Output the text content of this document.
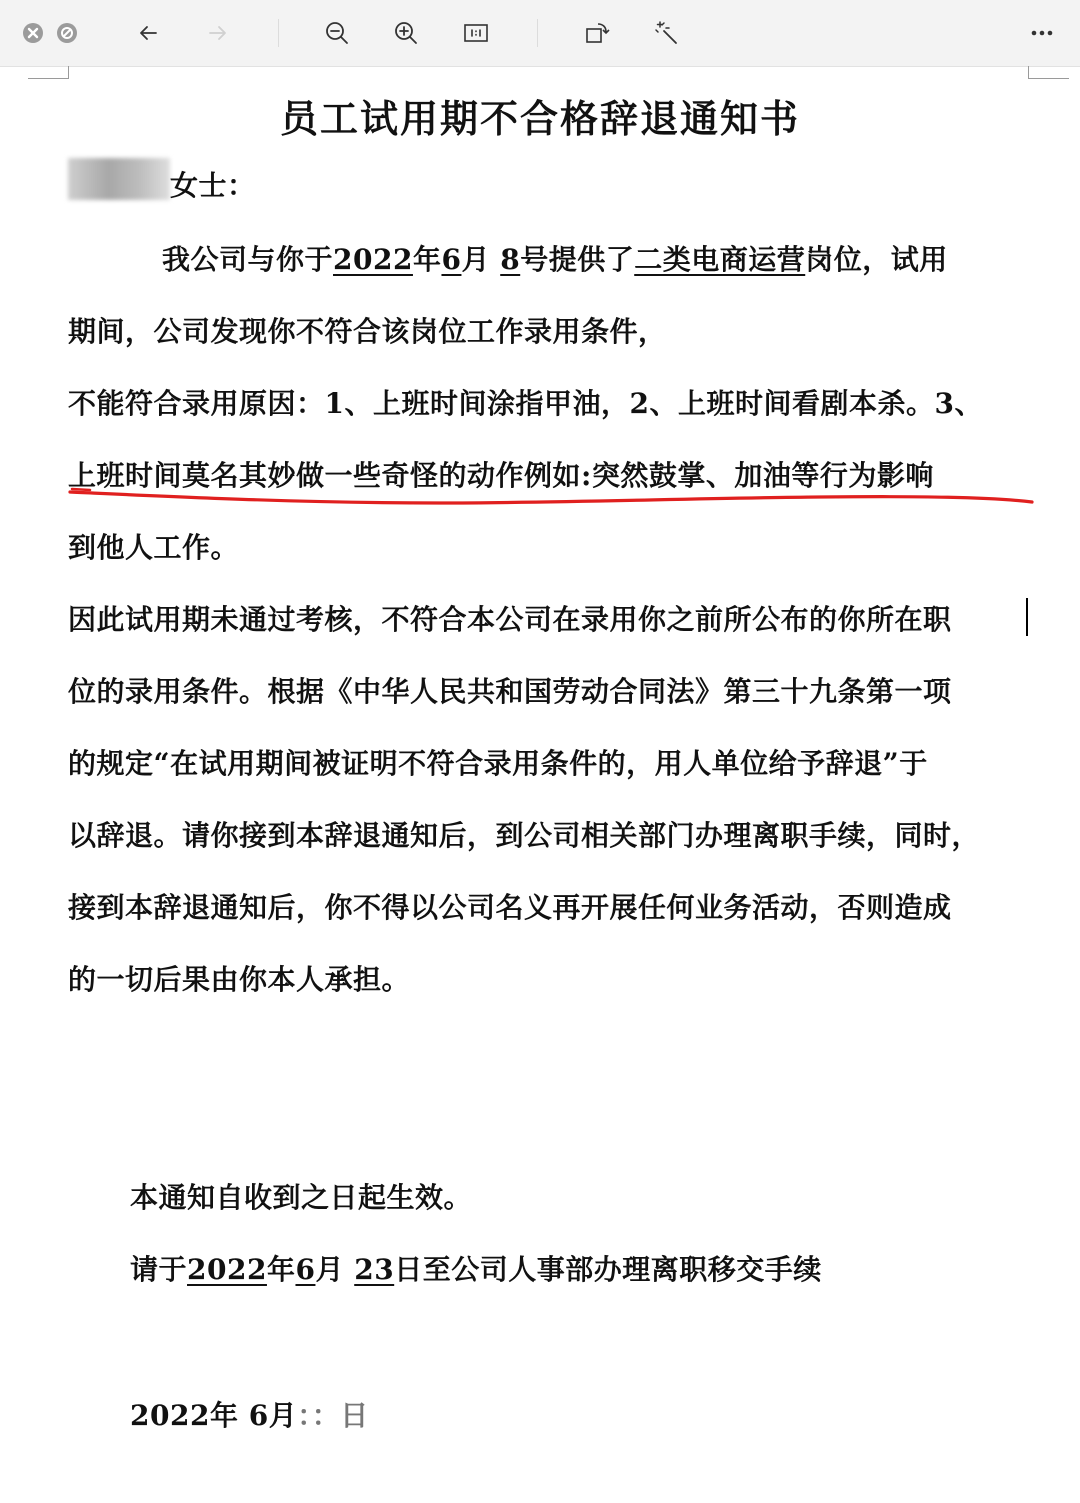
员工试用期不合格辞退通知书
女士：
我公司与你于2022年6月 8号提供了二类电商运营岗位，试用
期间，公司发现你不符合该岗位工作录用条件，
不能符合录用原因：1、上班时间涂指甲油，2、上班时间看剧本杀。3、
上班时间莫名其妙做一些奇怪的动作例如:突然鼓掌、加油等行为影响
到他人工作。
因此试用期未通过考核，不符合本公司在录用你之前所公布的你所在职
位的录用条件。根据《中华人民共和国劳动合同法》第三十九条第一项
的规定“在试用期间被证明不符合录用条件的，用人单位给予辞退”于
以辞退。请你接到本辞退通知后，到公司相关部门办理离职手续，同时，
接到本辞退通知后，你不得以公司名义再开展任何业务活动，否则造成
的一切后果由你本人承担。
本通知自收到之日起生效。
请于2022年6月 23日至公司人事部办理离职移交手续
2022年 6月：：日
